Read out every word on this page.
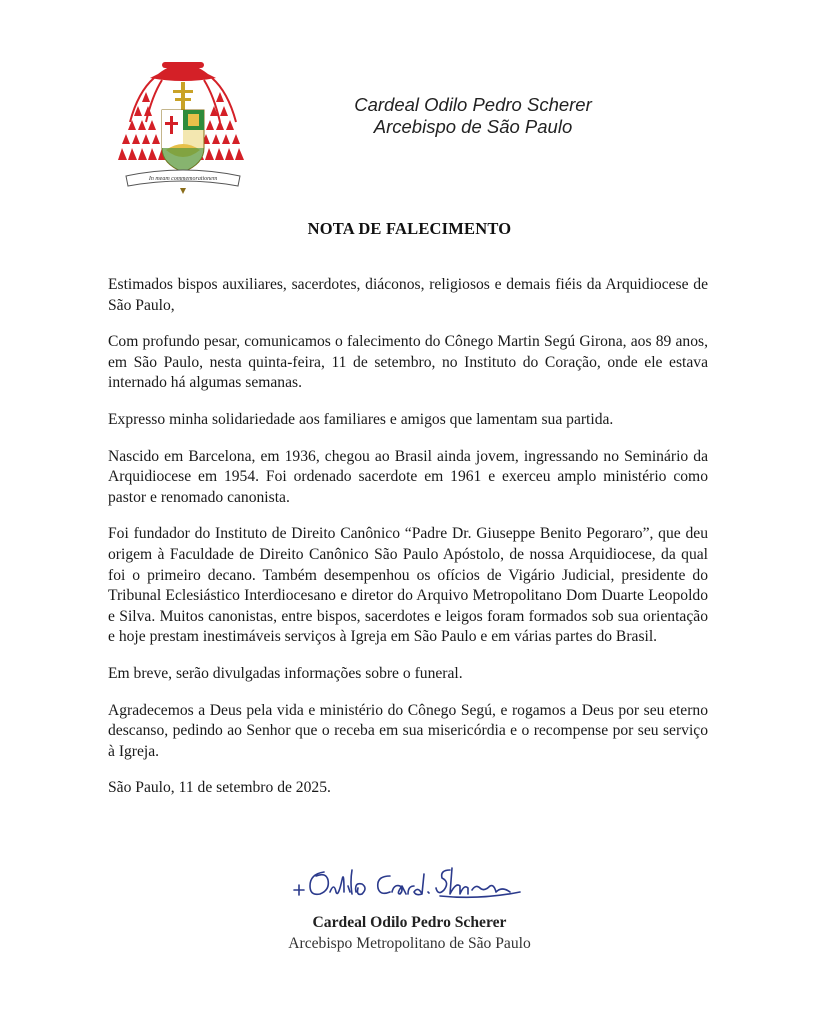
In meam commemorationem
Cardeal Odilo Pedro Scherer
Arcebispo de São Paulo
NOTA DE FALECIMENTO

Estimados bispos auxiliares, sacerdotes, diáconos, religiosos e demais fiéis da Arquidiocese de São Paulo,

Com profundo pesar, comunicamos o falecimento do Cônego Martin Segú Girona, aos 89 anos, em São Paulo, nesta quinta-feira, 11 de setembro, no Instituto do Coração, onde ele estava internado há algumas semanas.

Expresso minha solidariedade aos familiares e amigos que lamentam sua partida.

Nascido em Barcelona, em 1936, chegou ao Brasil ainda jovem, ingressando no Seminário da Arquidiocese em 1954. Foi ordenado sacerdote em 1961 e exerceu amplo ministério como pastor e renomado canonista.

Foi fundador do Instituto de Direito Canônico “Padre Dr. Giuseppe Benito Pegoraro”, que deu origem à Faculdade de Direito Canônico São Paulo Apóstolo, de nossa Arquidiocese, da qual foi o primeiro decano. Também desempenhou os ofícios de Vigário Judicial, presidente do Tribunal Eclesiástico Interdiocesano e diretor do Arquivo Metropolitano Dom Duarte Leopoldo e Silva. Muitos canonistas, entre bispos, sacerdotes e leigos foram formados sob sua orientação e hoje prestam inestimáveis serviços à Igreja em São Paulo e em várias partes do Brasil.

Em breve, serão divulgadas informações sobre o funeral.

Agradecemos a Deus pela vida e ministério do Cônego Segú, e rogamos a Deus por seu eterno descanso, pedindo ao Senhor que o receba em sua misericórdia e o recompense por seu serviço à Igreja.

São Paulo, 11 de setembro de 2025.

Cardeal Odilo Pedro Scherer
Arcebispo Metropolitano de São Paulo
